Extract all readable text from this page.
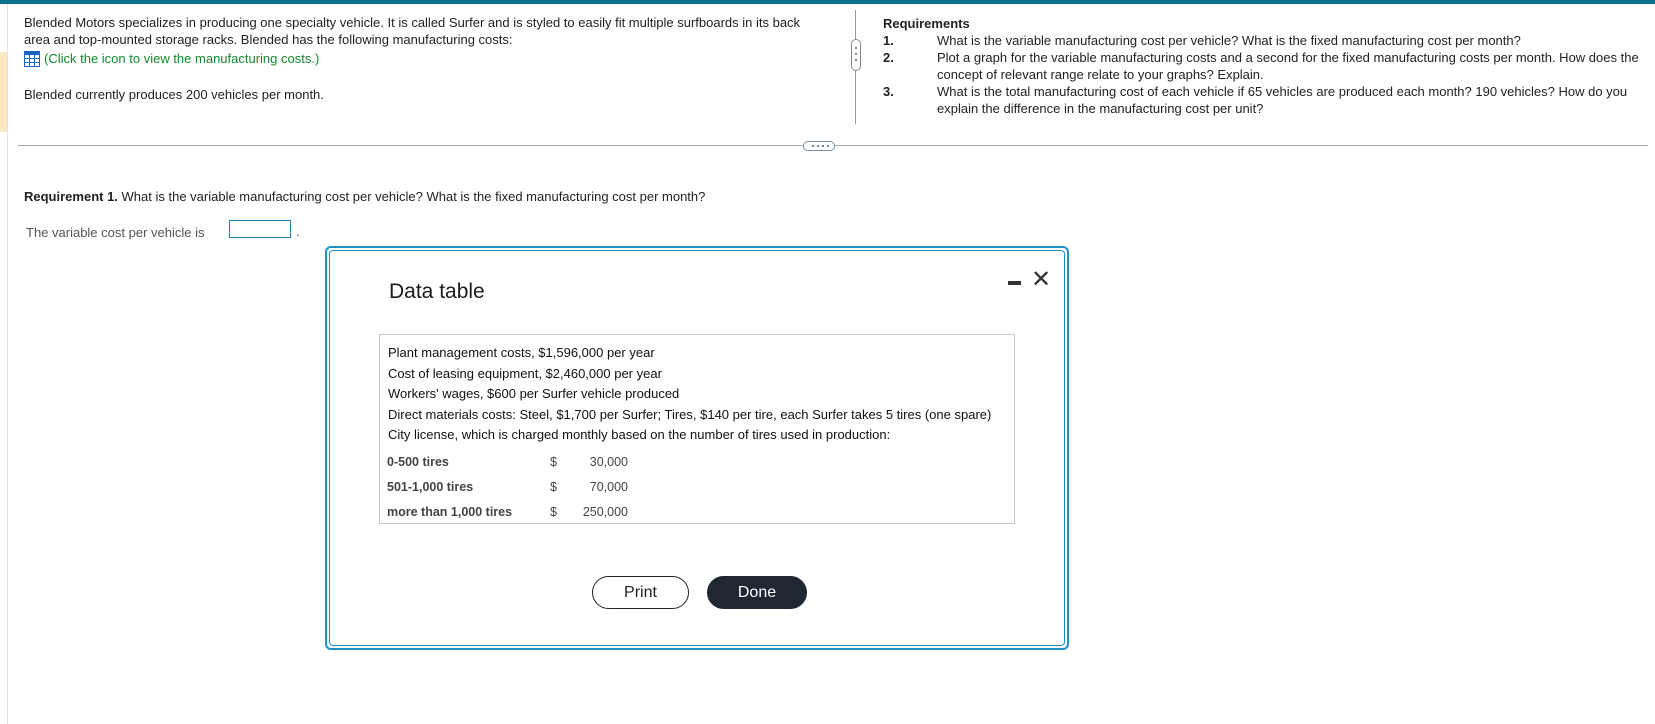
Blended Motors specializes in producing one specialty vehicle. It is called Surfer and is styled to easily fit multiple surfboards in its back area and top-mounted storage racks. Blended has the following manufacturing costs:
(Click the icon to view the manufacturing costs.)
Blended currently produces 200 vehicles per month.
Requirements
1.	What is the variable manufacturing cost per vehicle? What is the fixed manufacturing cost per month?
2.	Plot a graph for the variable manufacturing costs and a second for the fixed manufacturing costs per month. How does the concept of relevant range relate to your graphs? Explain.
3.	What is the total manufacturing cost of each vehicle if 65 vehicles are produced each month? 190 vehicles? How do you explain the difference in the manufacturing cost per unit?
Requirement 1. What is the variable manufacturing cost per vehicle? What is the fixed manufacturing cost per month?
The variable cost per vehicle is	.
Data table	✕
Plant management costs, $1,596,000 per year
Cost of leasing equipment, $2,460,000 per year
Workers' wages, $600 per Surfer vehicle produced
Direct materials costs: Steel, $1,700 per Surfer; Tires, $140 per tire, each Surfer takes 5 tires (one spare)
City license, which is charged monthly based on the number of tires used in production:
0-500 tires	$	30,000
501-1,000 tires	$	70,000
more than 1,000 tires	$	250,000
Print	Done
